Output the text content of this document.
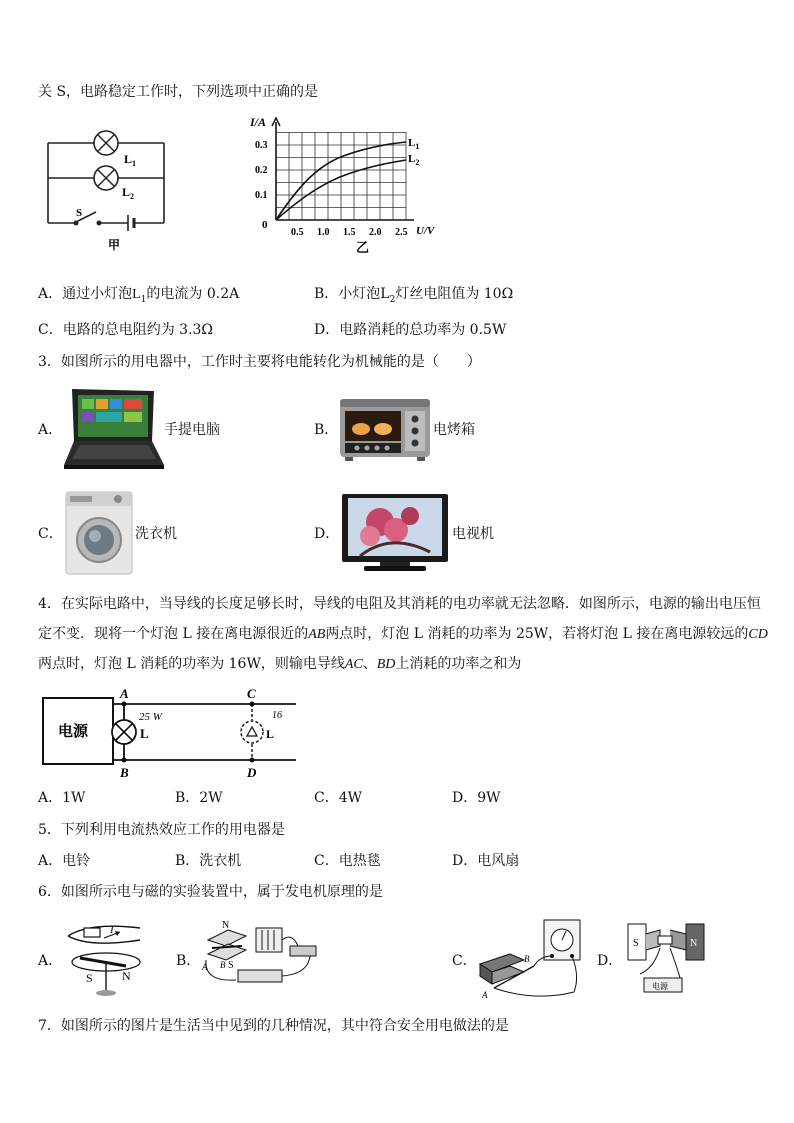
关 S，电路稳定工作时，下列选项中正确的是
$L_1$
$L_2$
S
甲
I/A
U/V
0
0.3
0.2
0.1
0.5 1.0 1.5 2.0 2.5
$L_1$
$L_2$
乙
A．通过小灯泡$L_1$的电流为 0.2A	B．小灯泡$L_2$灯丝电阻值为 10Ω
C．电路的总电阻约为 3.3Ω	D．电路消耗的总功率为 0.5W
3．如图所示的用电器中，工作时主要将电能转化为机械能的是（　　）
A．	手提电脑	B．	电烤箱
C．	洗衣机	D．	电视机
4．在实际电路中，当导线的长度足够长时，导线的电阻及其消耗的电功率就无法忽略．如图所示，电源的输出电压恒
定不变．现将一个灯泡 L 接在离电源很近的AB两点时，灯泡 L 消耗的功率为 25W，若将灯泡 L 接在离电源较远的CD
两点时，灯泡 L 消耗的功率为 16W，则输电导线AC、BD上消耗的功率之和为
电源
A
B
C
D
L	L
25 W	16
A．1W	B．2W	C．4W	D．9W
5．下列利用电流热效应工作的用电器是
A．电铃	B．洗衣机	C．电热毯	D．电风扇
6．如图所示电与磁的实验装置中，属于发电机原理的是
A．
I
S N
B．
N
S
A B	C．	B
A
D．
S	N
电源
7．如图所示的图片是生活当中见到的几种情况，其中符合安全用电做法的是
